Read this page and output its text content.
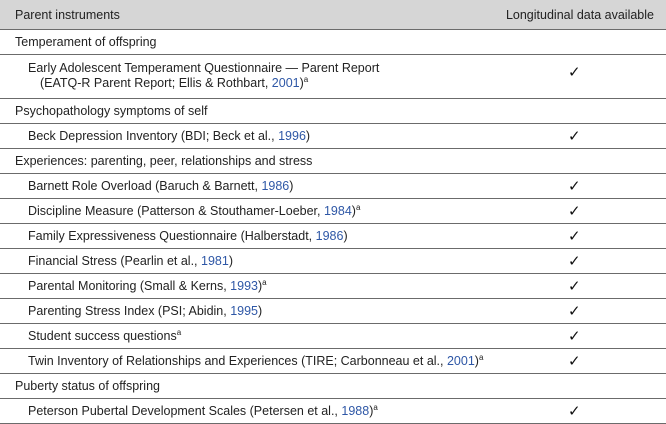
Parent instruments	Longitudinal data available
Temperament of offspring
Early Adolescent Temperament Questionnaire — Parent Report
(EATQ-R Parent Report; Ellis & Rothbart, 2001)$^a$	✓
Psychopathology symptoms of self
Beck Depression Inventory (BDI; Beck et al., 1996)	✓
Experiences: parenting, peer, relationships and stress
Barnett Role Overload (Baruch & Barnett, 1986)	✓
Discipline Measure (Patterson & Stouthamer-Loeber, 1984)$^a$	✓
Family Expressiveness Questionnaire (Halberstadt, 1986)	✓
Financial Stress (Pearlin et al., 1981)	✓
Parental Monitoring (Small & Kerns, 1993)$^a$	✓
Parenting Stress Index (PSI; Abidin, 1995)	✓
Student success questions$^a$	✓
Twin Inventory of Relationships and Experiences (TIRE; Carbonneau et al., 2001)$^a$	✓
Puberty status of offspring
Peterson Pubertal Development Scales (Petersen et al., 1988)$^a$	✓
